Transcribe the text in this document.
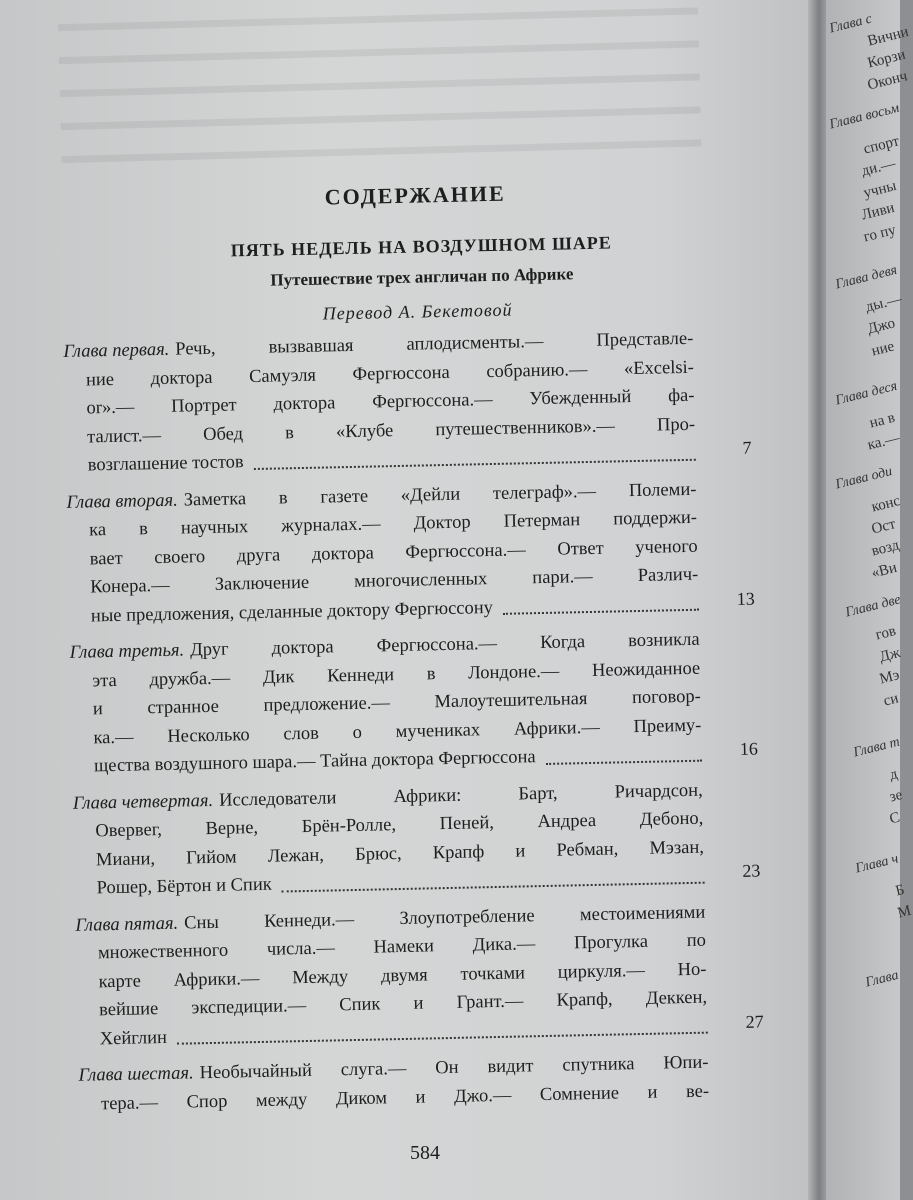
СОДЕРЖАНИЕ
ПЯТЬ НЕДЕЛЬ НА ВОЗДУШНОМ ШАРЕ
Путешествие трех англичан по Африке
Перевод А. Бекетовой
Глава первая. Речь, вызвавшая аплодисменты.— Представле-
ние доктора Самуэля Фергюссона собранию.— «Excelsi-
or».— Портрет доктора Фергюссона.— Убежденный фа-
талист.— Обед в «Клубе путешественников».— Про-
возглашение тостов
7
Глава вторая. Заметка в газете «Дейли телеграф».— Полеми-
ка в научных журналах.— Доктор Петерман поддержи-
вает своего друга доктора Фергюссона.— Ответ ученого
Конера.— Заключение многочисленных пари.— Различ-
ные предложения, сделанные доктору Фергюссону	13
Глава третья. Друг доктора Фергюссона.— Когда возникла
эта дружба.— Дик Кеннеди в Лондоне.— Неожиданное
и странное предложение.— Малоутешительная поговор-
ка.— Несколько слов о мучениках Африки.— Преиму-
щества воздушного шара.— Тайна доктора Фергюссона	16
Глава четвертая. Исследователи Африки: Барт, Ричардсон,
Овервег, Верне, Брён-Ролле, Пеней, Андреа Дебоно,
Миани, Гийом Лежан, Брюс, Крапф и Ребман, Мэзан,
Рошер, Бёртон и Спик
23
Глава пятая. Сны Кеннеди.— Злоупотребление местоимениями
множественного числа.— Намеки Дика.— Прогулка по
карте Африки.— Между двумя точками циркуля.— Но-
вейшие экспедиции.— Спик и Грант.— Крапф, Деккен,
Хейглин
27
Глава шестая. Необычайный слуга.— Он видит спутника Юпи-
тера.— Спор между Диком и Джо.— Сомнение и ве-
584
Глава с
Вични
Корзи
Оконч
Глава восьм
спорт
ди.—
учны
Ливи
го пу
Глава девя
ды.—
Джо
ние
Глава деся
на в
ка.—
Глава оди
конс
Ост
возд
«Ви
Глава две
гов
Дж
Мэ
си
Глава т
д
зе
С
Глава ч
Б
M
Глава
